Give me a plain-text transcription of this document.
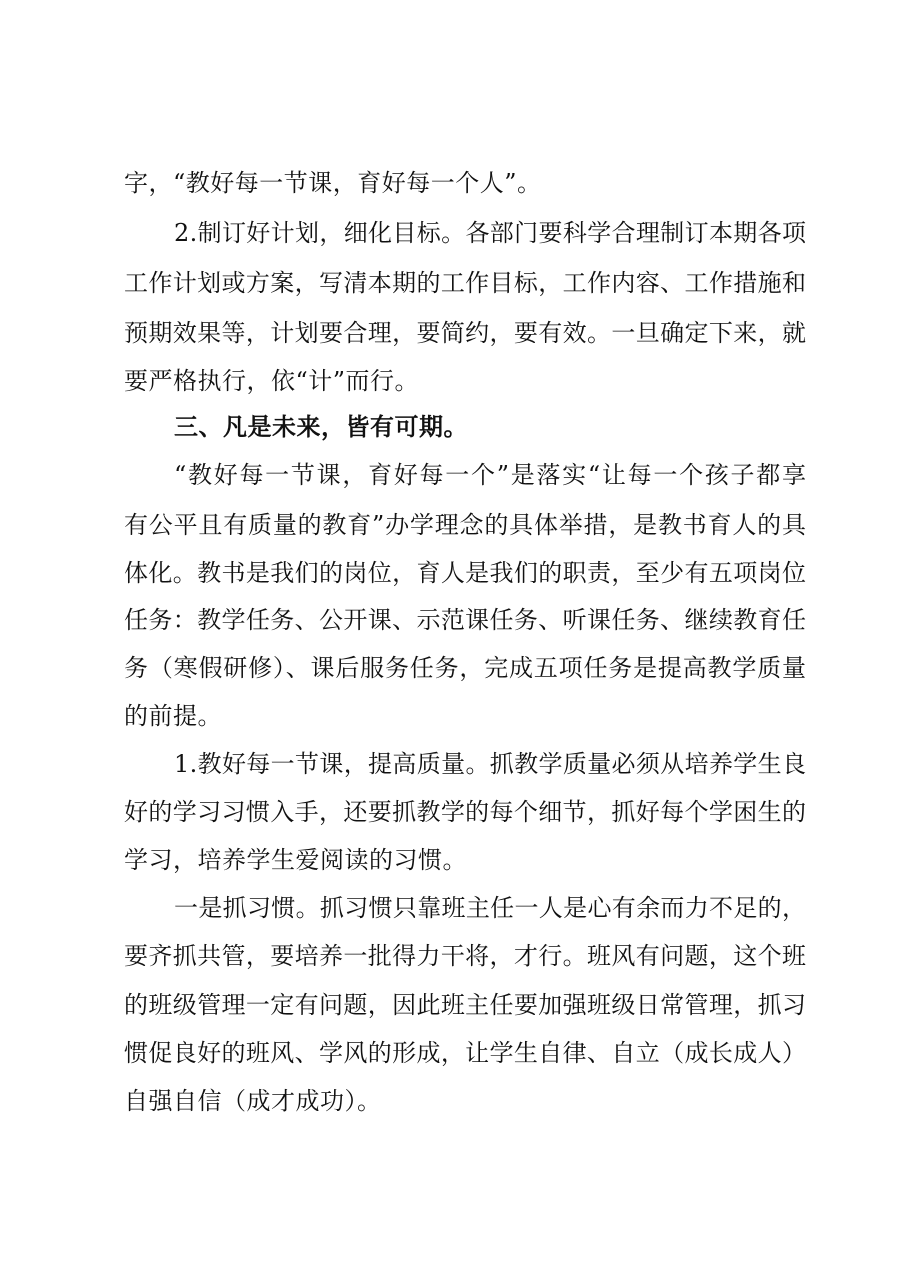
字，“教好每一节课，育好每一个人”。
2.制订好计划，细化目标。各部门要科学合理制订本期各项
工作计划或方案，写清本期的工作目标，工作内容、工作措施和
预期效果等，计划要合理，要简约，要有效。一旦确定下来，就
要严格执行，依“计”而行。
三、凡是未来，皆有可期。
“教好每一节课，育好每一个”是落实“让每一个孩子都享
有公平且有质量的教育”办学理念的具体举措，是教书育人的具
体化。教书是我们的岗位，育人是我们的职责，至少有五项岗位
任务：教学任务、公开课、示范课任务、听课任务、继续教育任
务（寒假研修）、课后服务任务，完成五项任务是提高教学质量
的前提。
1.教好每一节课，提高质量。抓教学质量必须从培养学生良
好的学习习惯入手，还要抓教学的每个细节，抓好每个学困生的
学习，培养学生爱阅读的习惯。
一是抓习惯。抓习惯只靠班主任一人是心有余而力不足的，
要齐抓共管，要培养一批得力干将，才行。班风有问题，这个班
的班级管理一定有问题，因此班主任要加强班级日常管理，抓习
惯促良好的班风、学风的形成，让学生自律、自立（成长成人）
自强自信（成才成功）。
